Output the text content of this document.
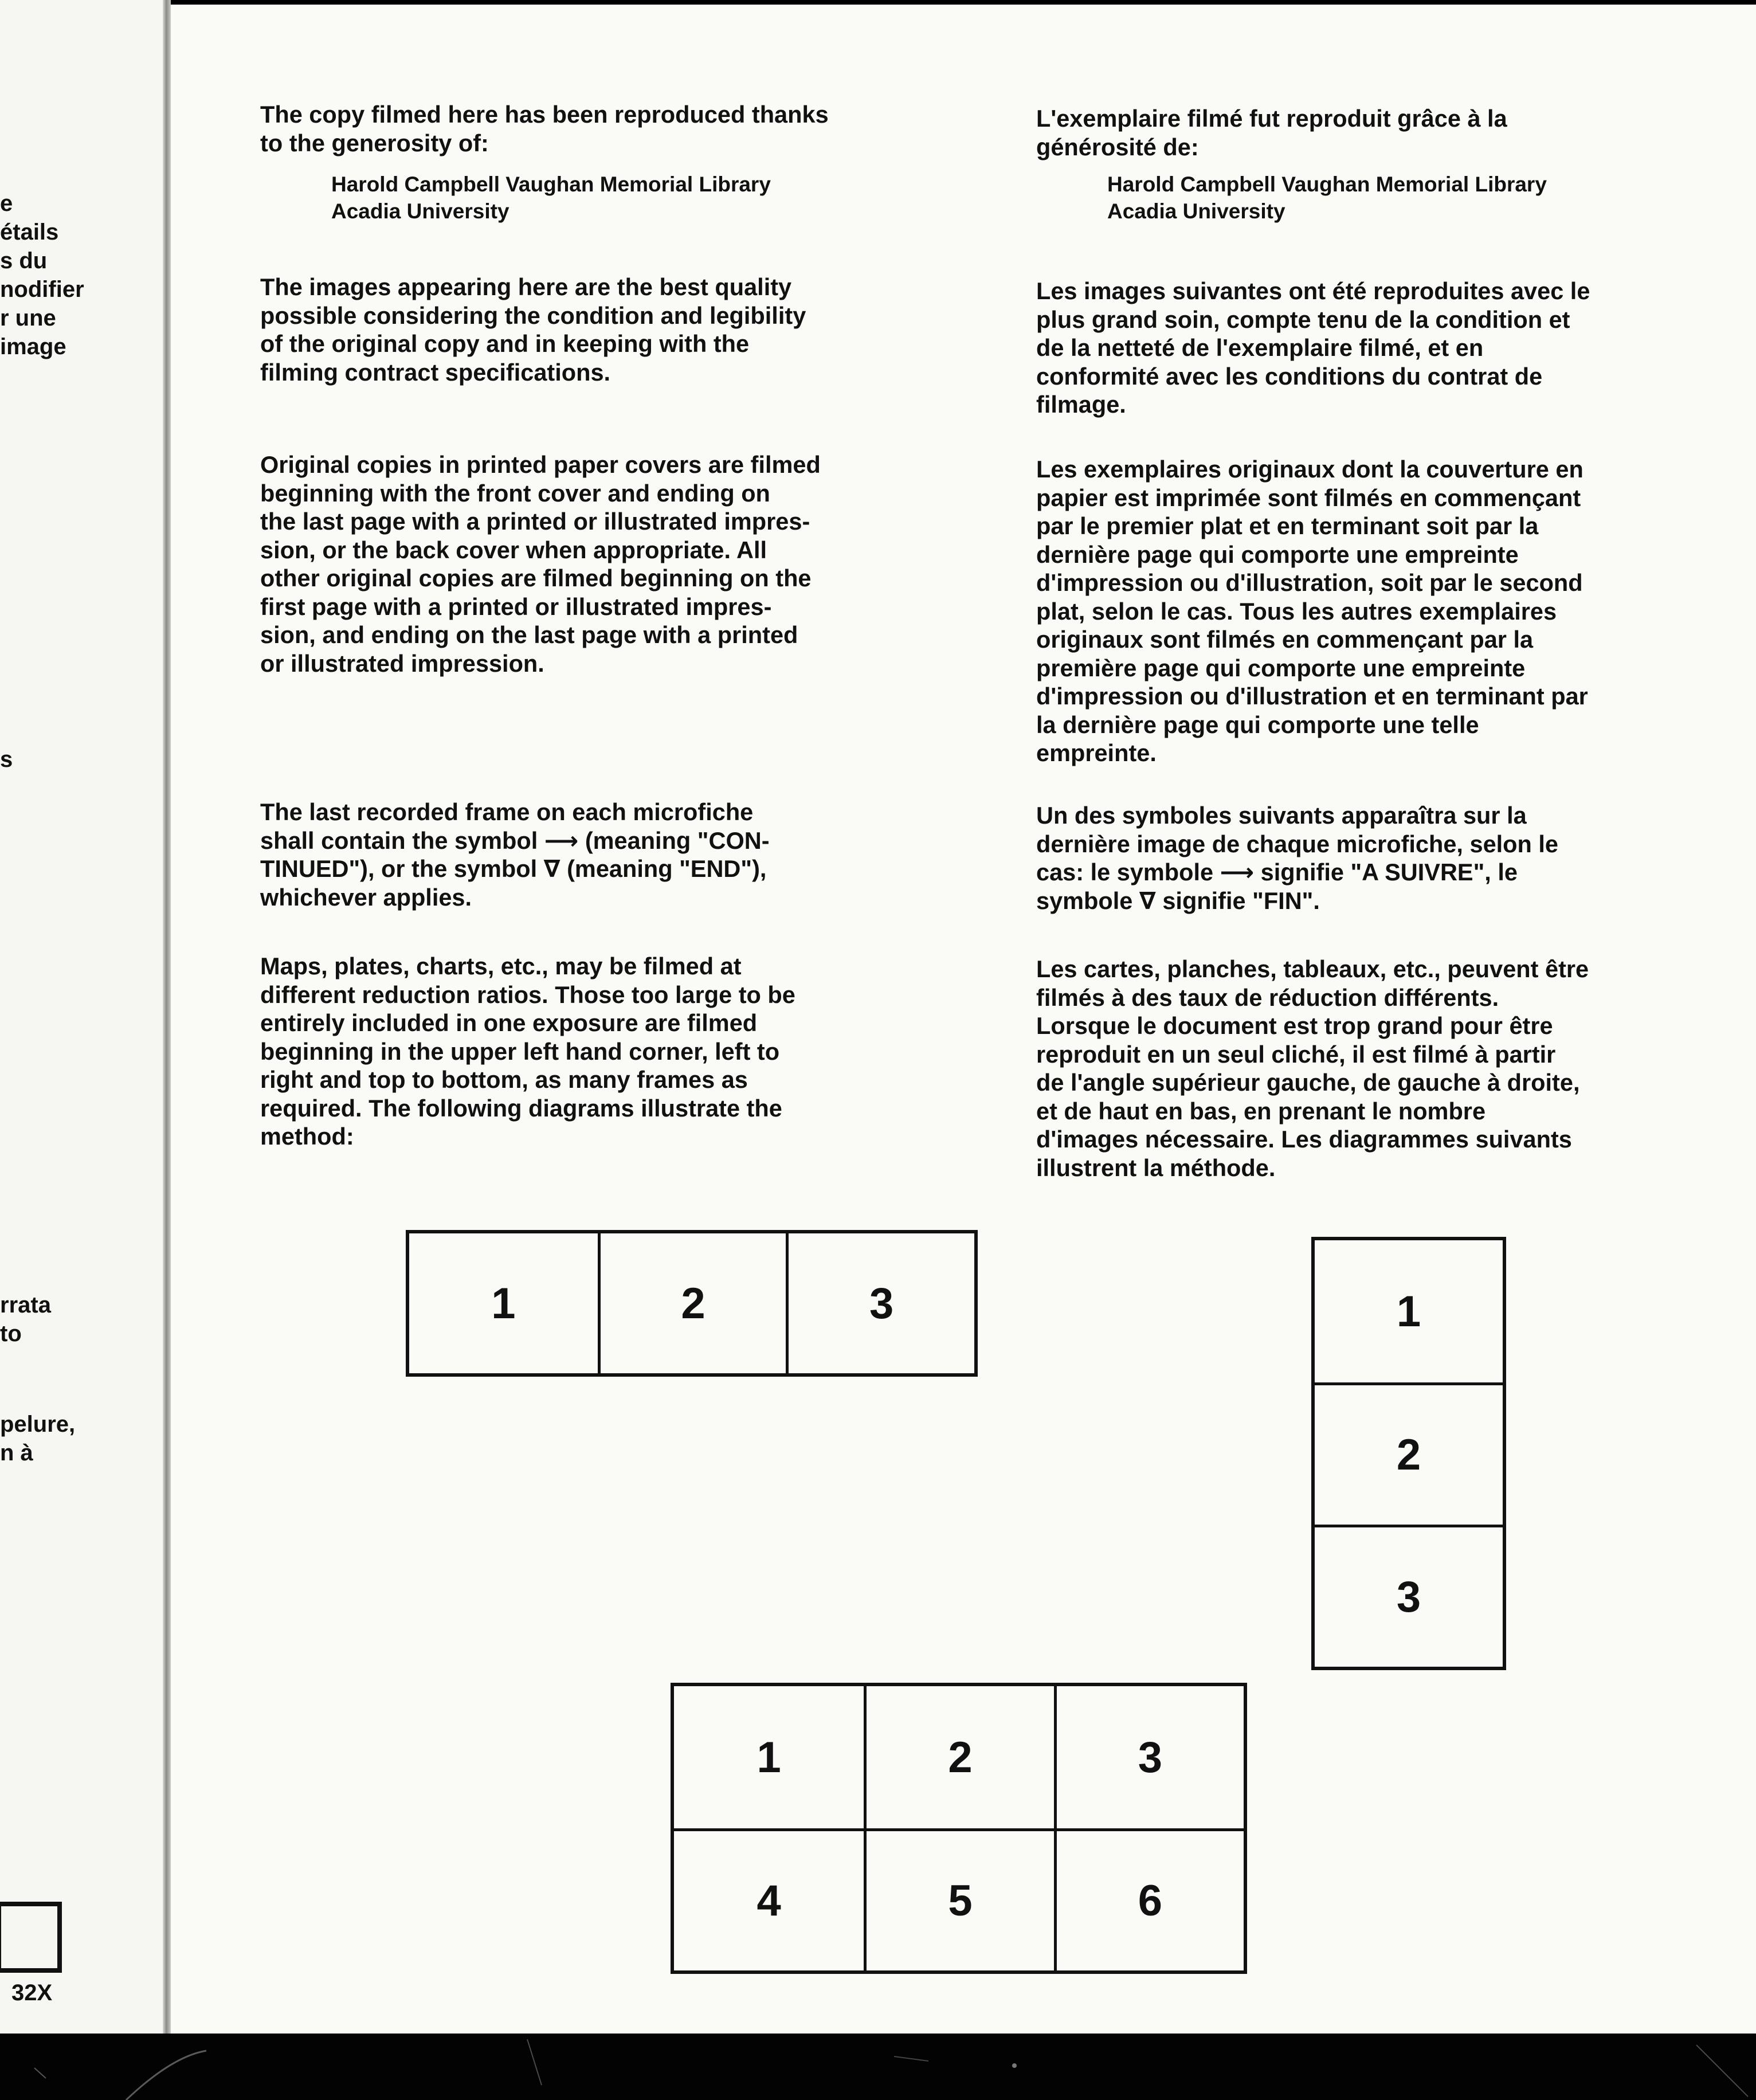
e

étails

s du

nodifier

r une

image

s

rrata

to

pelure,

n à

32X

The copy filmed here has been reproduced thanks
to the generosity of:

Harold Campbell Vaughan Memorial Library
Acadia University

The images appearing here are the best quality
possible considering the condition and legibility
of the original copy and in keeping with the
filming contract specifications.

Original copies in printed paper covers are filmed
beginning with the front cover and ending on
the last page with a printed or illustrated impres-
sion, or the back cover when appropriate. All
other original copies are filmed beginning on the
first page with a printed or illustrated impres-
sion, and ending on the last page with a printed
or illustrated impression.

The last recorded frame on each microfiche
shall contain the symbol ⟶ (meaning "CON-
TINUED"), or the symbol ∇ (meaning "END"),
whichever applies.

Maps, plates, charts, etc., may be filmed at
different reduction ratios. Those too large to be
entirely included in one exposure are filmed
beginning in the upper left hand corner, left to
right and top to bottom, as many frames as
required. The following diagrams illustrate the
method:

L'exemplaire filmé fut reproduit grâce à la
générosité de:

Harold Campbell Vaughan Memorial Library
Acadia University

Les images suivantes ont été reproduites avec le
plus grand soin, compte tenu de la condition et
de la netteté de l'exemplaire filmé, et en
conformité avec les conditions du contrat de
filmage.

Les exemplaires originaux dont la couverture en
papier est imprimée sont filmés en commençant
par le premier plat et en terminant soit par la
dernière page qui comporte une empreinte
d'impression ou d'illustration, soit par le second
plat, selon le cas. Tous les autres exemplaires
originaux sont filmés en commençant par la
première page qui comporte une empreinte
d'impression ou d'illustration et en terminant par
la dernière page qui comporte une telle
empreinte.

Un des symboles suivants apparaîtra sur la
dernière image de chaque microfiche, selon le
cas: le symbole ⟶ signifie "A SUIVRE", le
symbole ∇ signifie "FIN".

Les cartes, planches, tableaux, etc., peuvent être
filmés à des taux de réduction différents.
Lorsque le document est trop grand pour être
reproduit en un seul cliché, il est filmé à partir
de l'angle supérieur gauche, de gauche à droite,
et de haut en bas, en prenant le nombre
d'images nécessaire. Les diagrammes suivants
illustrent la méthode.

1	2	3	1
2
3
1	2	3
4	5	6
